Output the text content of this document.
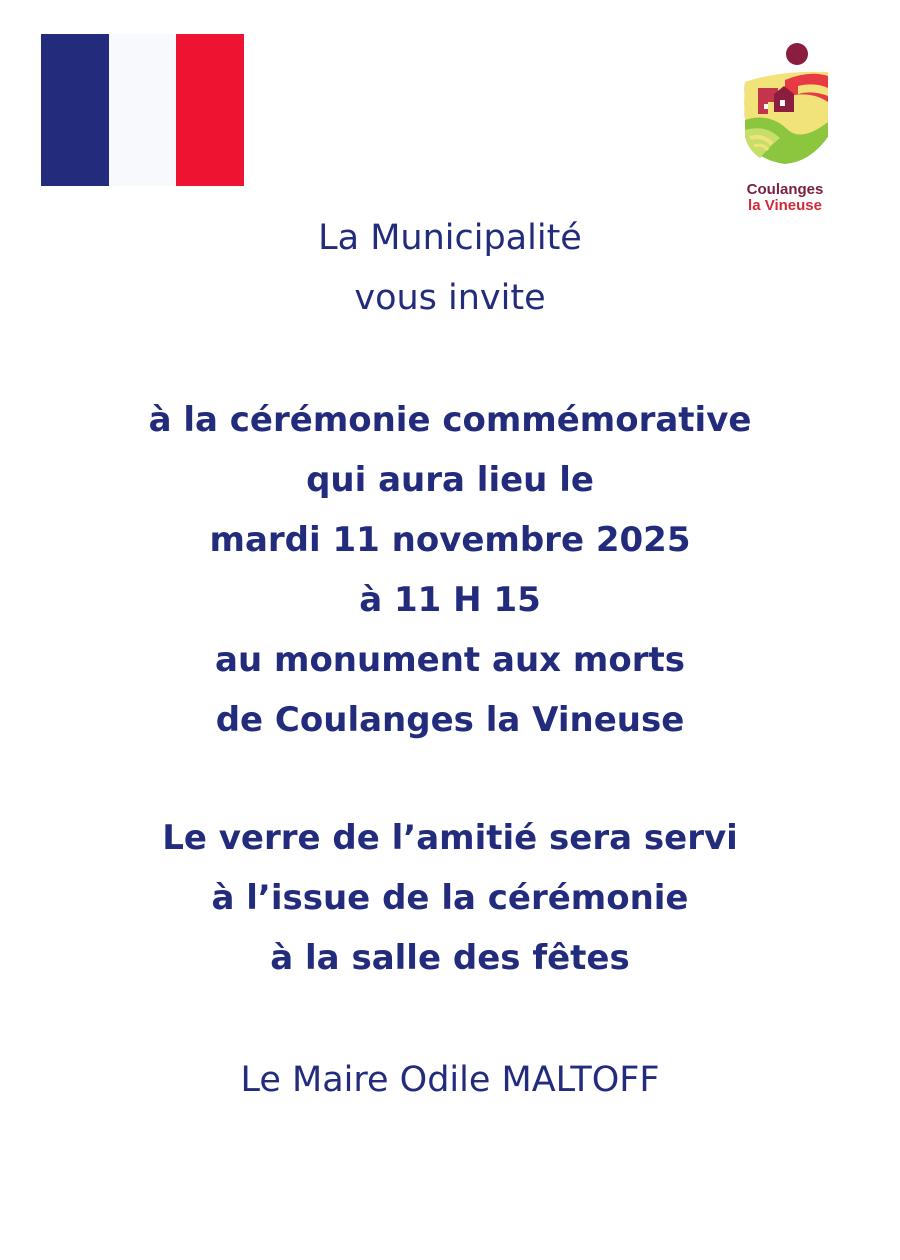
Coulanges
la Vineuse
La Municipalité
vous invite
à la cérémonie commémorative
qui aura lieu le
mardi 11 novembre 2025
à 11 H 15
au monument aux morts
de Coulanges la Vineuse
Le verre de l’amitié sera servi
à l’issue de la cérémonie
à la salle des fêtes
Le Maire Odile MALTOFF
